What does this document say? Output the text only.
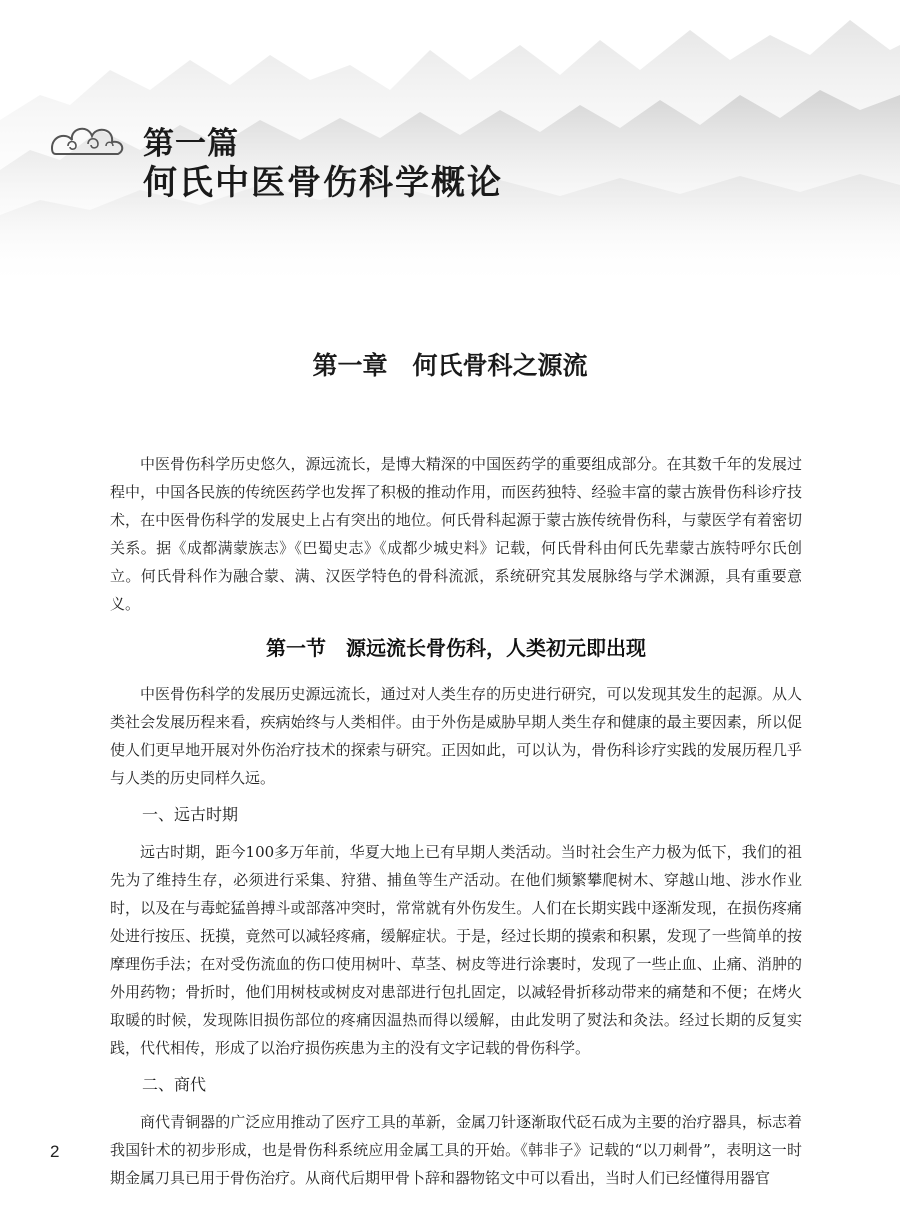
第一篇
何氏中医骨伤科学概论
第一章　何氏骨科之源流

中医骨伤科学历史悠久，源远流长，是博大精深的中国医药学的重要组成部分。在其数千年的发展过程中，中国各民族的传统医药学也发挥了积极的推动作用，而医药独特、经验丰富的蒙古族骨伤科诊疗技术，在中医骨伤科学的发展史上占有突出的地位。何氏骨科起源于蒙古族传统骨伤科，与蒙医学有着密切关系。据《成都满蒙族志》《巴蜀史志》《成都少城史料》记载，何氏骨科由何氏先辈蒙古族特呼尔氏创立。何氏骨科作为融合蒙、满、汉医学特色的骨科流派，系统研究其发展脉络与学术渊源，具有重要意义。

第一节　源远流长骨伤科，人类初元即出现

中医骨伤科学的发展历史源远流长，通过对人类生存的历史进行研究，可以发现其发生的起源。从人类社会发展历程来看，疾病始终与人类相伴。由于外伤是威胁早期人类生存和健康的最主要因素，所以促使人们更早地开展对外伤治疗技术的探索与研究。正因如此，可以认为，骨伤科诊疗实践的发展历程几乎与人类的历史同样久远。

一、远古时期

远古时期，距今100多万年前，华夏大地上已有早期人类活动。当时社会生产力极为低下，我们的祖先为了维持生存，必须进行采集、狩猎、捕鱼等生产活动。在他们频繁攀爬树木、穿越山地、涉水作业时，以及在与毒蛇猛兽搏斗或部落冲突时，常常就有外伤发生。人们在长期实践中逐渐发现，在损伤疼痛处进行按压、抚摸，竟然可以减轻疼痛，缓解症状。于是，经过长期的摸索和积累，发现了一些简单的按摩理伤手法；在对受伤流血的伤口使用树叶、草茎、树皮等进行涂裹时，发现了一些止血、止痛、消肿的外用药物；骨折时，他们用树枝或树皮对患部进行包扎固定，以减轻骨折移动带来的痛楚和不便；在烤火取暖的时候，发现陈旧损伤部位的疼痛因温热而得以缓解，由此发明了熨法和灸法。经过长期的反复实践，代代相传，形成了以治疗损伤疾患为主的没有文字记载的骨伤科学。

二、商代

商代青铜器的广泛应用推动了医疗工具的革新，金属刀针逐渐取代砭石成为主要的治疗器具，标志着我国针术的初步形成，也是骨伤科系统应用金属工具的开始。《韩非子》记载的“以刀刺骨”，表明这一时期金属刀具已用于骨伤治疗。从商代后期甲骨卜辞和器物铭文中可以看出，当时人们已经懂得用器官

2
